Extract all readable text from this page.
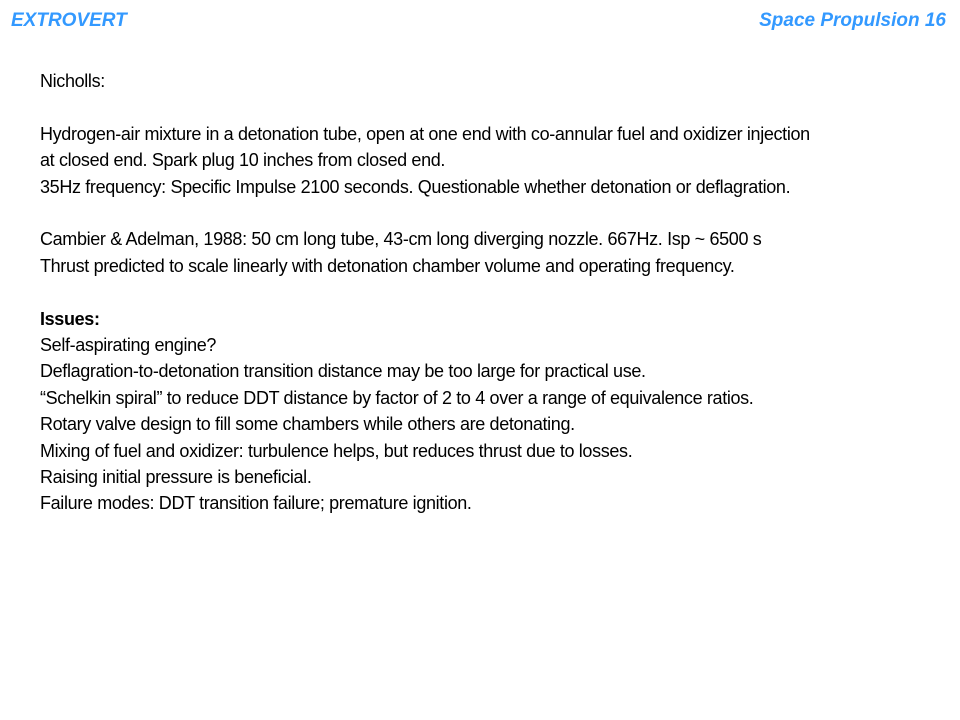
EXTROVERT	Space Propulsion 16
Nicholls:
Hydrogen-air mixture in a detonation tube, open at one end with co-annular fuel and oxidizer injection
at closed end. Spark plug 10 inches from closed end.
35Hz frequency: Specific Impulse 2100 seconds. Questionable whether detonation or deflagration.
Cambier & Adelman, 1988: 50 cm long tube, 43-cm long diverging nozzle. 667Hz. Isp ~ 6500 s
Thrust predicted to scale linearly with detonation chamber volume and operating frequency.
Issues:
Self-aspirating engine?
Deflagration-to-detonation transition distance may be too large for practical use.
“Schelkin spiral” to reduce DDT distance by factor of 2 to 4 over a range of equivalence ratios.
Rotary valve design to fill some chambers while others are detonating.
Mixing of fuel and oxidizer: turbulence helps, but reduces thrust due to losses.
Raising initial pressure is beneficial.
Failure modes: DDT transition failure; premature ignition.
